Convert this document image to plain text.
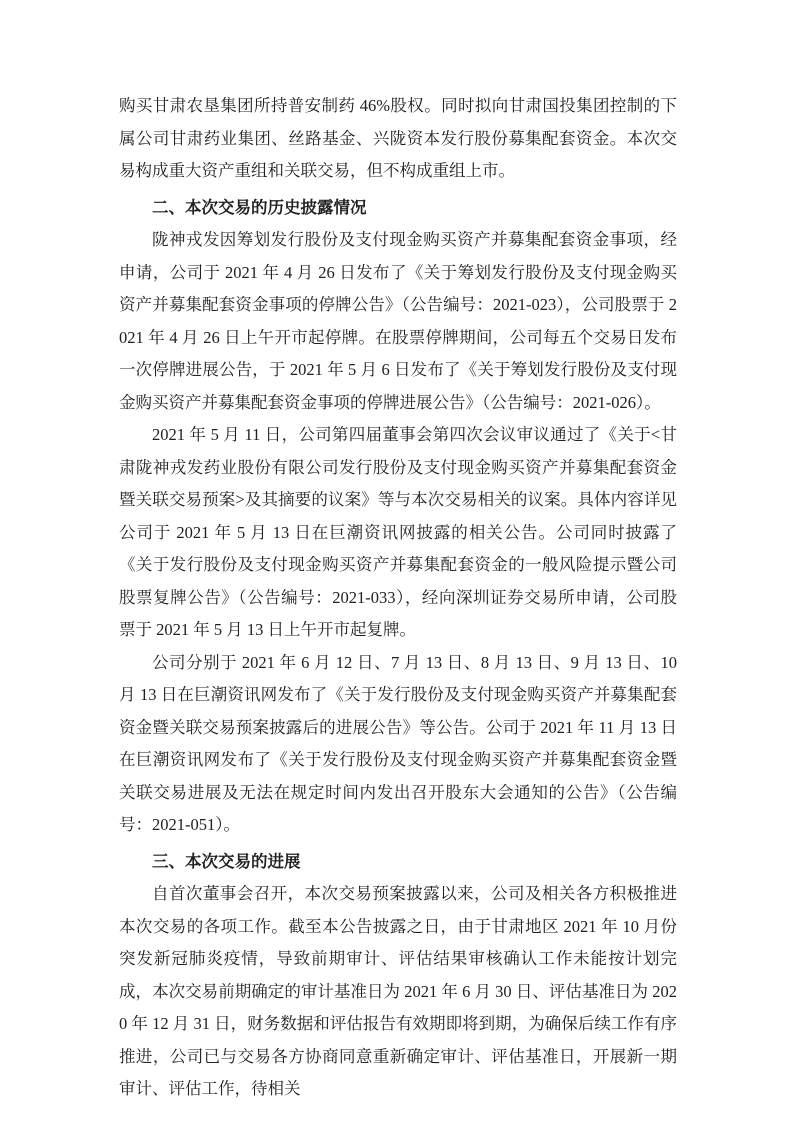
购买甘肃农垦集团所持普安制药 46%股权。同时拟向甘肃国投集团控制的下属公司甘肃药业集团、丝路基金、兴陇资本发行股份募集配套资金。本次交易构成重大资产重组和关联交易，但不构成重组上市。

二、本次交易的历史披露情况

陇神戎发因筹划发行股份及支付现金购买资产并募集配套资金事项，经申请，公司于 2021 年 4 月 26 日发布了《关于筹划发行股份及支付现金购买资产并募集配套资金事项的停牌公告》（公告编号：2021-023），公司股票于 2021 年 4 月 26 日上午开市起停牌。在股票停牌期间，公司每五个交易日发布一次停牌进展公告，于 2021 年 5 月 6 日发布了《关于筹划发行股份及支付现金购买资产并募集配套资金事项的停牌进展公告》（公告编号：2021-026）。

2021 年 5 月 11 日，公司第四届董事会第四次会议审议通过了《关于<甘肃陇神戎发药业股份有限公司发行股份及支付现金购买资产并募集配套资金暨关联交易预案>及其摘要的议案》等与本次交易相关的议案。具体内容详见公司于 2021 年 5 月 13 日在巨潮资讯网披露的相关公告。公司同时披露了《关于发行股份及支付现金购买资产并募集配套资金的一般风险提示暨公司股票复牌公告》（公告编号：2021-033），经向深圳证券交易所申请，公司股票于 2021 年 5 月 13 日上午开市起复牌。

公司分别于 2021 年 6 月 12 日、7 月 13 日、8 月 13 日、9 月 13 日、10 月 13 日在巨潮资讯网发布了《关于发行股份及支付现金购买资产并募集配套资金暨关联交易预案披露后的进展公告》等公告。公司于 2021 年 11 月 13 日在巨潮资讯网发布了《关于发行股份及支付现金购买资产并募集配套资金暨关联交易进展及无法在规定时间内发出召开股东大会通知的公告》（公告编号：2021-051）。

三、本次交易的进展

自首次董事会召开，本次交易预案披露以来，公司及相关各方积极推进本次交易的各项工作。截至本公告披露之日，由于甘肃地区 2021 年 10 月份突发新冠肺炎疫情，导致前期审计、评估结果审核确认工作未能按计划完成，本次交易前期确定的审计基准日为 2021 年 6 月 30 日、评估基准日为 2020 年 12 月 31 日，财务数据和评估报告有效期即将到期，为确保后续工作有序推进，公司已与交易各方协商同意重新确定审计、评估基准日，开展新一期审计、评估工作，待相关
